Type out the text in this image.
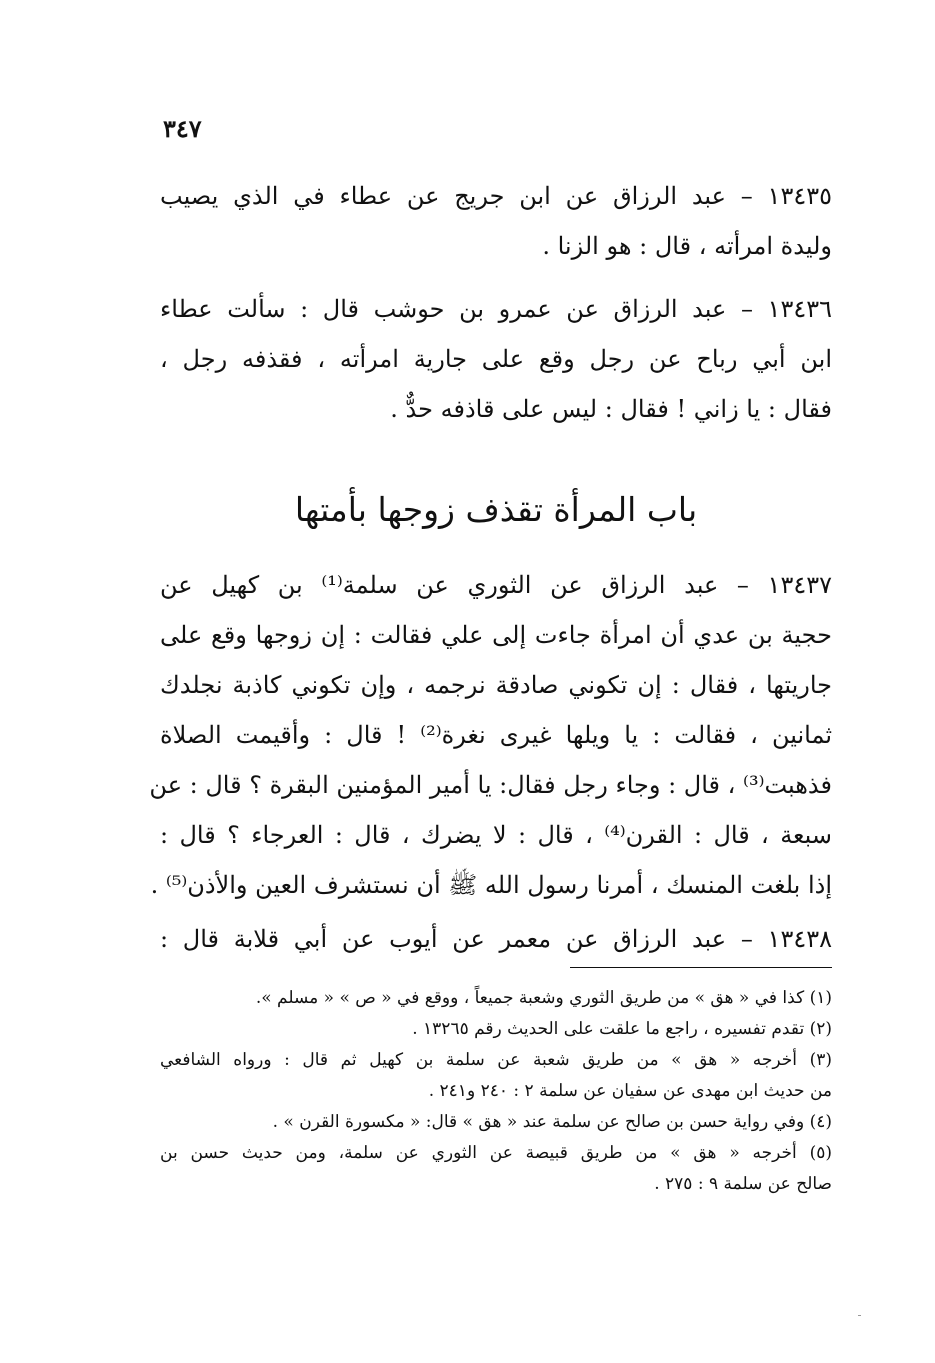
٣٤٧
١٣٤٣٥ – عبد الرزاق عن ابن جريج عن عطاء في الذي يصيب
وليدة امرأته ، قال : هو الزنا .
١٣٤٣٦ – عبد الرزاق عن عمرو بن حوشب قال : سألت عطاء
ابن أبي رباح عن رجل وقع على جارية امرأته ، فقذفه رجل ،
فقال : يا زاني ! فقال : ليس على قاذفه حدٌّ .
باب المرأة تقذف زوجها بأمتها
١٣٤٣٧ – عبد الرزاق عن الثوري عن سلمة⁽¹⁾ بن كهيل عن
حجية بن عدي أن امرأة جاءت إلى علي فقالت : إن زوجها وقع على
جاريتها ، فقال : إن تكوني صادقة نرجمه ، وإن تكوني كاذبة نجلدك
ثمانين ، فقالت : يا ويلها غيرى نغرة⁽²⁾ ! قال : وأقيمت الصلاة
فذهبت⁽³⁾ ، قال : وجاء رجل فقال: يا أمير المؤمنين البقرة ؟ قال : عن
سبعة ، قال : القرن⁽⁴⁾ ، قال : لا يضرك ، قال : العرجاء ؟ قال :
إذا بلغت المنسك ، أمرنا رسول الله ﷺ أن نستشرف العين والأذن⁽⁵⁾ .
١٣٤٣٨ – عبد الرزاق عن معمر عن أيوب عن أبي قلابة قال :
(١) كذا في « هق » من طريق الثوري وشعبة جميعاً ، ووقع في « ص » « مسلم ».
(٢) تقدم تفسيره ، راجع ما علقت على الحديث رقم ١٣٢٦٥ .
(٣) أخرجه « هق » من طريق شعبة عن سلمة بن كهيل ثم قال : ورواه الشافعي
من حديث ابن مهدى عن سفيان عن سلمة ٢ : ٢٤٠ و٢٤١ .
(٤) وفي رواية حسن بن صالح عن سلمة عند « هق » قال: « مكسورة القرن » .
(٥) أخرجه « هق » من طريق قبيصة عن الثوري عن سلمة، ومن حديث حسن بن
صالح عن سلمة ٩ : ٢٧٥ .
